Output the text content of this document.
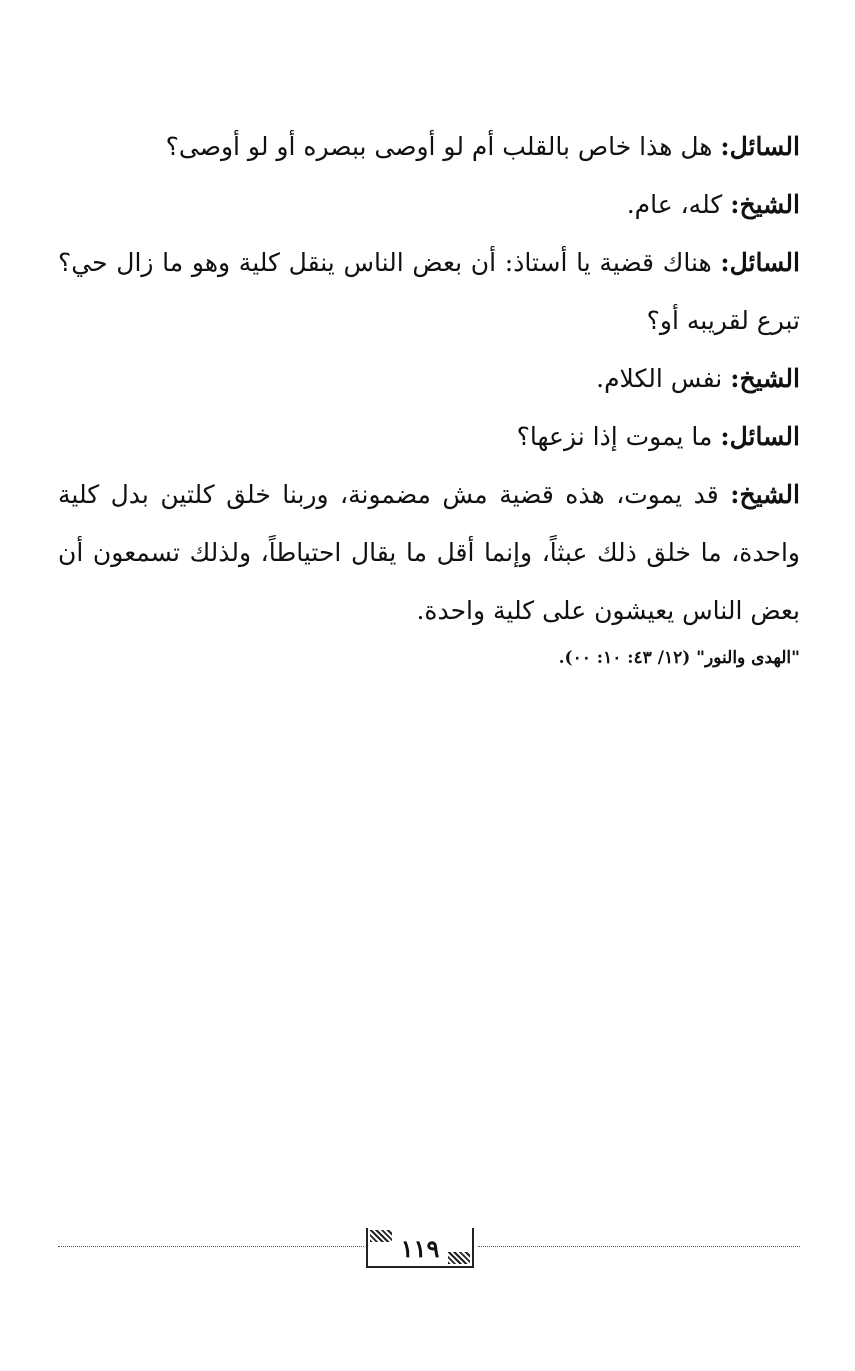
السائل: هل هذا خاص بالقلب أم لو أوصى ببصره أو لو أوصى؟

الشيخ: كله، عام.

السائل: هناك قضية يا أستاذ: أن بعض الناس ينقل كلية وهو ما زال حي؟ تبرع لقريبه أو؟

الشيخ: نفس الكلام.

السائل: ما يموت إذا نزعها؟

الشيخ: قد يموت، هذه قضية مش مضمونة، وربنا خلق كلتين بدل كلية واحدة، ما خلق ذلك عبثاً، وإنما أقل ما يقال احتياطاً، ولذلك تسمعون أن بعض الناس يعيشون على كلية واحدة.

"الهدى والنور" (١٢/ ٤٣: ١٠: ٠٠).

١١٩
